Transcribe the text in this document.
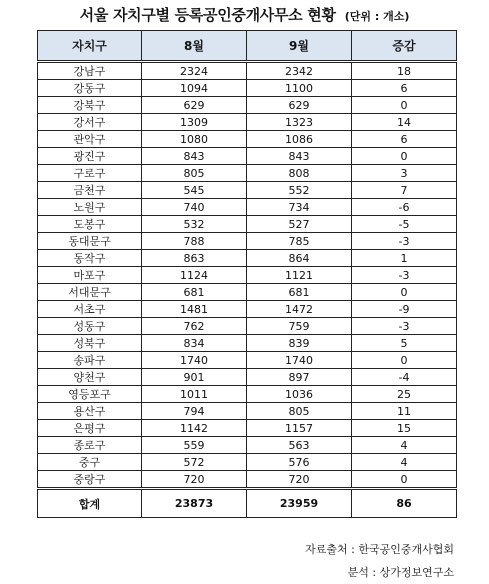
서울 자치구별 등록공인중개사무소 현황 (단위 : 개소)
자치구	8월	9월	증감
강남구	2324	2342	18
강동구	1094	1100	6
강북구	629	629	0
강서구	1309	1323	14
관악구	1080	1086	6
광진구	843	843	0
구로구	805	808	3
금천구	545	552	7
노원구	740	734	-6
도봉구	532	527	-5
동대문구	788	785	-3
동작구	863	864	1
마포구	1124	1121	-3
서대문구	681	681	0
서초구	1481	1472	-9
성동구	762	759	-3
성북구	834	839	5
송파구	1740	1740	0
양천구	901	897	-4
영등포구	1011	1036	25
용산구	794	805	11
은평구	1142	1157	15
종로구	559	563	4
중구	572	576	4
중랑구	720	720	0
합계	23873	23959	86
자료출처 : 한국공인중개사협회
분석 : 상가정보연구소
